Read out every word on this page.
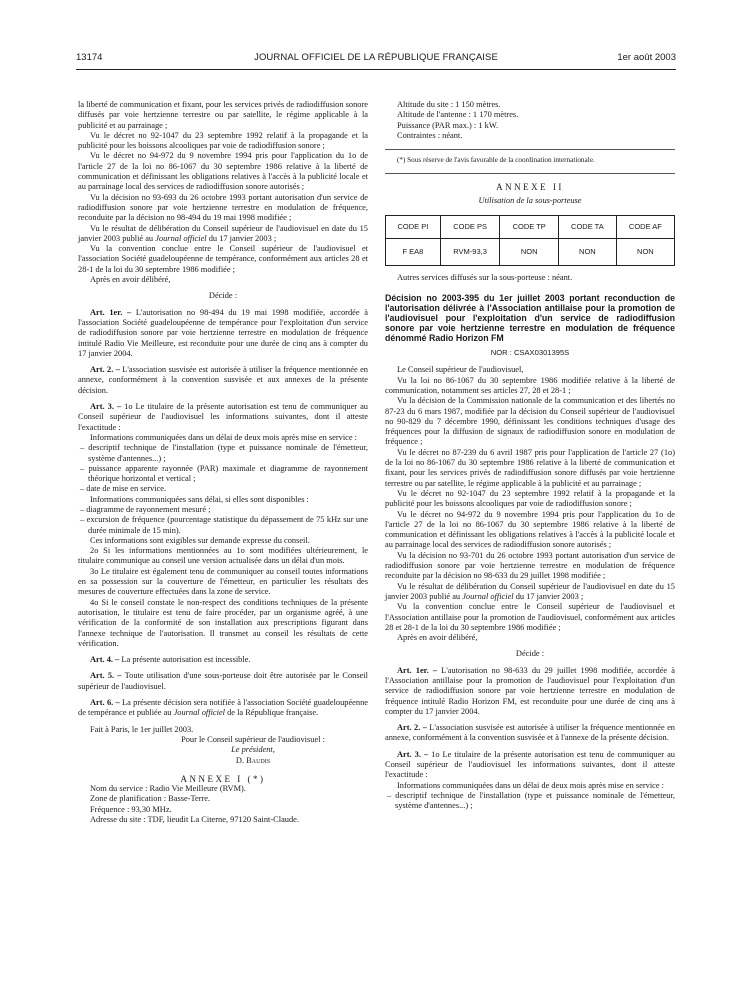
13174	JOURNAL OFFICIEL DE LA RÉPUBLIQUE FRANÇAISE	1er août 2003

la liberté de communication et fixant, pour les services privés de radiodiffusion sonore diffusés par voie hertzienne terrestre ou par satellite, le régime applicable à la publicité et au parrainage ;

Vu le décret no 92-1047 du 23 septembre 1992 relatif à la propagande et la publicité pour les boissons alcooliques par voie de radiodiffusion sonore ;

Vu le décret no 94-972 du 9 novembre 1994 pris pour l'application du 1o de l'article 27 de la loi no 86-1067 du 30 septembre 1986 relative à la liberté de communication et définissant les obligations relatives à l'accès à la publicité locale et au parrainage local des services de radiodiffusion sonore autorisés ;

Vu la décision no 93-693 du 26 octobre 1993 portant autorisation d'un service de radiodiffusion sonore par voie hertzienne terrestre en modulation de fréquence, reconduite par la décision no 98-494 du 19 mai 1998 modifiée ;

Vu le résultat de délibération du Conseil supérieur de l'audiovisuel en date du 15 janvier 2003 publié au Journal officiel du 17 janvier 2003 ;

Vu la convention conclue entre le Conseil supérieur de l'audiovisuel et l'association Société guadeloupéenne de tempérance, conformément aux articles 28 et 28-1 de la loi du 30 septembre 1986 modifiée ;

Après en avoir délibéré,

Décide :

Art. 1er. – L'autorisation no 98-494 du 19 mai 1998 modifiée, accordée à l'association Société guadeloupéenne de tempérance pour l'exploitation d'un service de radiodiffusion sonore par voie hertzienne terrestre en modulation de fréquence intitulé Radio Vie Meilleure, est reconduite pour une durée de cinq ans à compter du 17 janvier 2004.

Art. 2. – L'association susvisée est autorisée à utiliser la fréquence mentionnée en annexe, conformément à la convention susvisée et aux annexes de la présente décision.

Art. 3. – 1o Le titulaire de la présente autorisation est tenu de communiquer au Conseil supérieur de l'audiovisuel les informations suivantes, dont il atteste l'exactitude :

Informations communiquées dans un délai de deux mois après mise en service :

– descriptif technique de l'installation (type et puissance nominale de l'émetteur, système d'antennes...) ;

– puissance apparente rayonnée (PAR) maximale et diagramme de rayonnement théorique horizontal et vertical ;

– date de mise en service.

Informations communiquées sans délai, si elles sont disponibles :

– diagramme de rayonnement mesuré ;

– excursion de fréquence (pourcentage statistique du dépassement de 75 kHz sur une durée minimale de 15 min).

Ces informations sont exigibles sur demande expresse du conseil.

2o Si les informations mentionnées au 1o sont modifiées ultérieurement, le titulaire communique au conseil une version actualisée dans un délai d'un mois.

3o Le titulaire est également tenu de communiquer au conseil toutes informations en sa possession sur la couverture de l'émetteur, en particulier les résultats des mesures de couverture effectuées dans la zone de service.

4o Si le conseil constate le non-respect des conditions techniques de la présente autorisation, le titulaire est tenu de faire procéder, par un organisme agréé, à une vérification de la conformité de son installation aux prescriptions figurant dans l'annexe technique de l'autorisation. Il transmet au conseil les résultats de cette vérification.

Art. 4. – La présente autorisation est incessible.

Art. 5. – Toute utilisation d'une sous-porteuse doit être autorisée par le Conseil supérieur de l'audiovisuel.

Art. 6. – La présente décision sera notifiée à l'association Société guadeloupéenne de tempérance et publiée au Journal officiel de la République française.

Fait à Paris, le 1er juillet 2003.

Pour le Conseil supérieur de l'audiovisuel :

Le président,

D. Baudis

ANNEXE I (*)

Nom du service : Radio Vie Meilleure (RVM).

Zone de planification : Basse-Terre.

Fréquence : 93,30 MHz.

Adresse du site : TDF, lieudit La Citerne, 97120 Saint-Claude.

Altitude du site : 1 150 mètres.

Altitude de l'antenne : 1 170 mètres.

Puissance (PAR max.) : 1 kW.

Contraintes : néant.

(*) Sous réserve de l'avis favorable de la coordination internationale.

ANNEXE II

Utilisation de la sous-porteuse

CODE PI	CODE PS	CODE TP	CODE TA	CODE AF
F EA8	RVM-93,3	NON	NON	NON

Autres services diffusés sur la sous-porteuse : néant.

Décision no 2003-395 du 1er juillet 2003 portant reconduction de l'autorisation délivrée à l'Association antillaise pour la promotion de l'audiovisuel pour l'exploitation d'un service de radiodiffusion sonore par voie hertzienne terrestre en modulation de fréquence dénommé Radio Horizon FM

NOR : CSAX0301395S

Le Conseil supérieur de l'audiovisuel,

Vu la loi no 86-1067 du 30 septembre 1986 modifiée relative à la liberté de communication, notamment ses articles 27, 28 et 28-1 ;

Vu la décision de la Commission nationale de la communication et des libertés no 87-23 du 6 mars 1987, modifiée par la décision du Conseil supérieur de l'audiovisuel no 90-829 du 7 décembre 1990, définissant les conditions techniques d'usage des fréquences pour la diffusion de signaux de radiodiffusion sonore en modulation de fréquence ;

Vu le décret no 87-239 du 6 avril 1987 pris pour l'application de l'article 27 (1o) de la loi no 86-1067 du 30 septembre 1986 relative à la liberté de communication et fixant, pour les services privés de radiodiffusion sonore diffusés par voie hertzienne terrestre ou par satellite, le régime applicable à la publicité et au parrainage ;

Vu le décret no 92-1047 du 23 septembre 1992 relatif à la propagande et la publicité pour les boissons alcooliques par voie de radiodiffusion sonore ;

Vu le décret no 94-972 du 9 novembre 1994 pris pour l'application du 1o de l'article 27 de la loi no 86-1067 du 30 septembre 1986 relative à la liberté de communication et définissant les obligations relatives à l'accès à la publicité locale et au parrainage local des services de radiodiffusion sonore autorisés ;

Vu la décision no 93-701 du 26 octobre 1993 portant autorisation d'un service de radiodiffusion sonore par voie hertzienne terrestre en modulation de fréquence reconduite par la décision no 98-633 du 29 juillet 1998 modifiée ;

Vu le résultat de délibération du Conseil supérieur de l'audiovisuel en date du 15 janvier 2003 publié au Journal officiel du 17 janvier 2003 ;

Vu la convention conclue entre le Conseil supérieur de l'audiovisuel et l'Association antillaise pour la promotion de l'audiovisuel, conformément aux articles 28 et 28-1 de la loi du 30 septembre 1986 modifiée ;

Après en avoir délibéré,

Décide :

Art. 1er. – L'autorisation no 98-633 du 29 juillet 1998 modifiée, accordée à l'Association antillaise pour la promotion de l'audiovisuel pour l'exploitation d'un service de radiodiffusion sonore par voie hertzienne terrestre en modulation de fréquence intitulé Radio Horizon FM, est reconduite pour une durée de cinq ans à compter du 17 janvier 2004.

Art. 2. – L'association susvisée est autorisée à utiliser la fréquence mentionnée en annexe, conformément à la convention susvisée et à l'annexe de la présente décision.

Art. 3. – 1o Le titulaire de la présente autorisation est tenu de communiquer au Conseil supérieur de l'audiovisuel les informations suivantes, dont il atteste l'exactitude :

Informations communiquées dans un délai de deux mois après mise en service :

– descriptif technique de l'installation (type et puissance nominale de l'émetteur, système d'antennes...) ;
